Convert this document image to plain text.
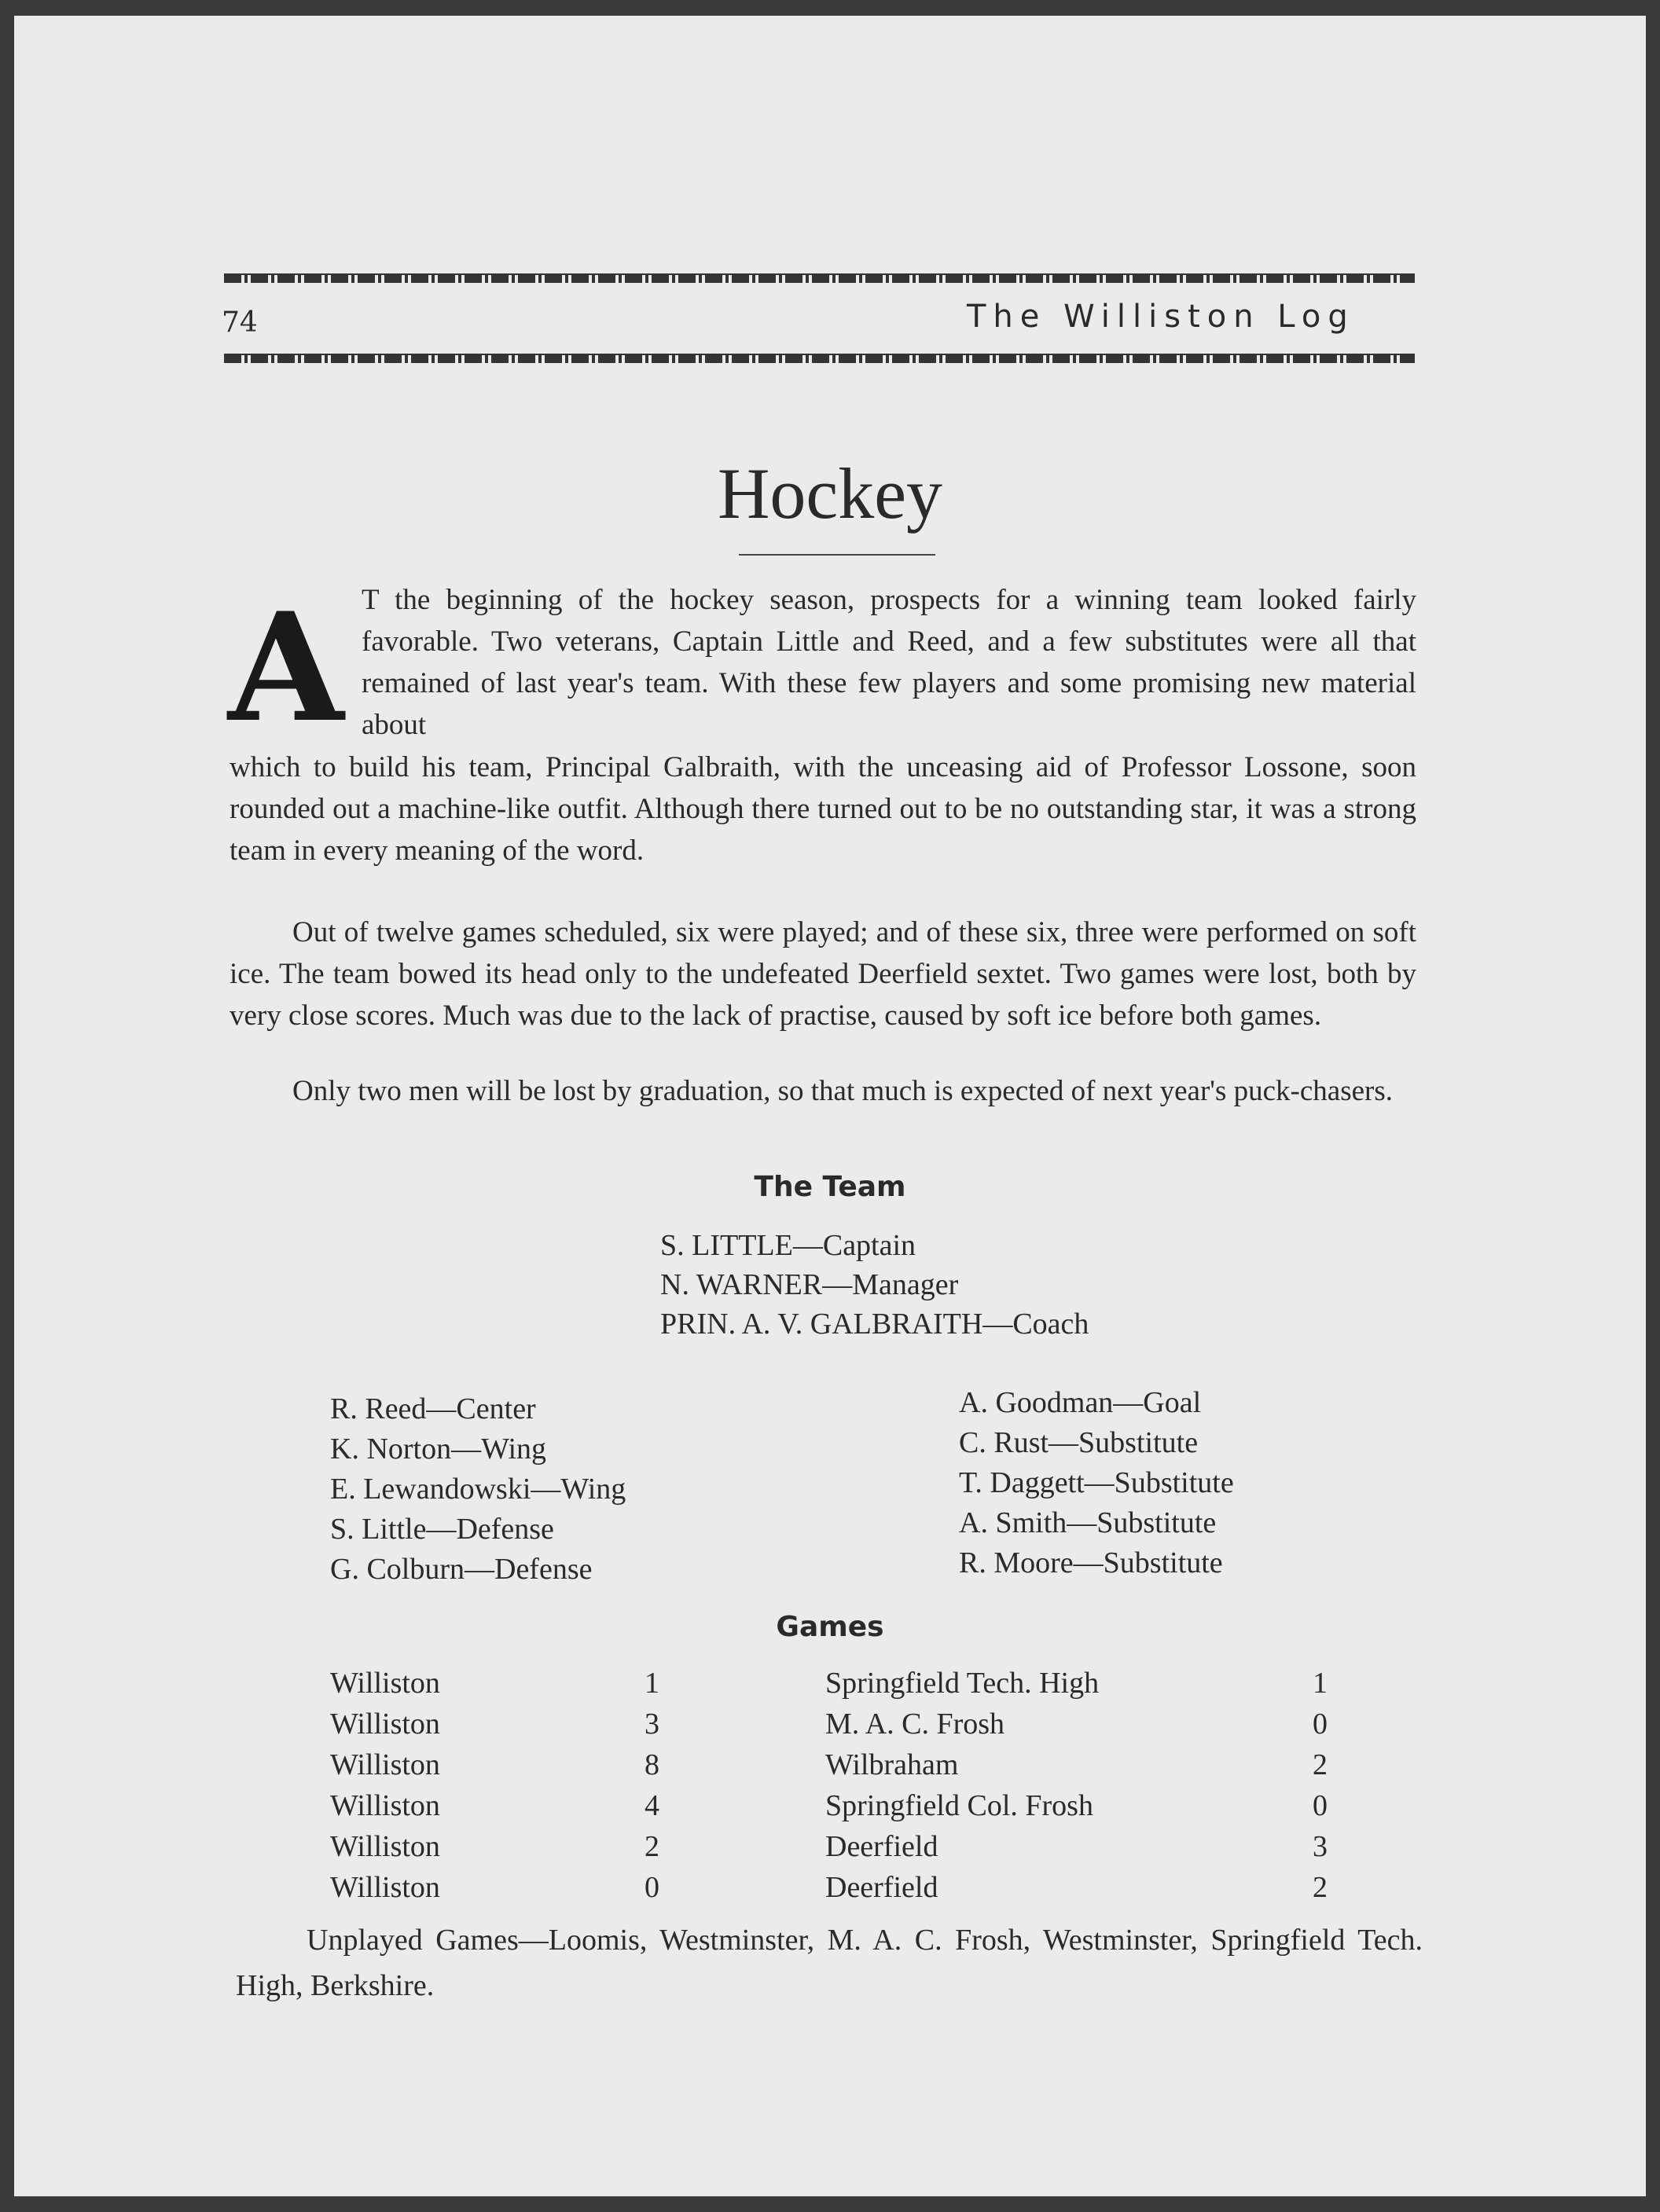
74	The Williston Log
Hockey
A T the beginning of the hockey season, prospects for a winning team looked fairly favorable. Two veterans, Captain Little and Reed, and a few substitutes were all that remained of last year's team. With these few players and some promising new material about
which to build his team, Principal Galbraith, with the unceasing aid of Professor Lossone, soon rounded out a machine-like outfit. Although there turned out to be no outstanding star, it was a strong team in every meaning of the word.
Out of twelve games scheduled, six were played; and of these six, three were performed on soft ice. The team bowed its head only to the undefeated Deerfield sextet. Two games were lost, both by very close scores. Much was due to the lack of practise, caused by soft ice before both games.
Only two men will be lost by graduation, so that much is expected of next year's puck-chasers.
The Team
S. LITTLE—Captain
N. WARNER—Manager
PRIN. A. V. GALBRAITH—Coach
R. Reed—Center
K. Norton—Wing
E. Lewandowski—Wing
S. Little—Defense
G. Colburn—Defense
A. Goodman—Goal
C. Rust—Substitute
T. Daggett—Substitute
A. Smith—Substitute
R. Moore—Substitute
Games
Williston	1	Springfield Tech. High	1
Williston	3	M. A. C. Frosh	0
Williston	8	Wilbraham	2
Williston	4	Springfield Col. Frosh	0
Williston	2	Deerfield	3
Williston	0	Deerfield	2
Unplayed Games—Loomis, Westminster, M. A. C. Frosh, Westminster, Springfield Tech. High, Berkshire.
